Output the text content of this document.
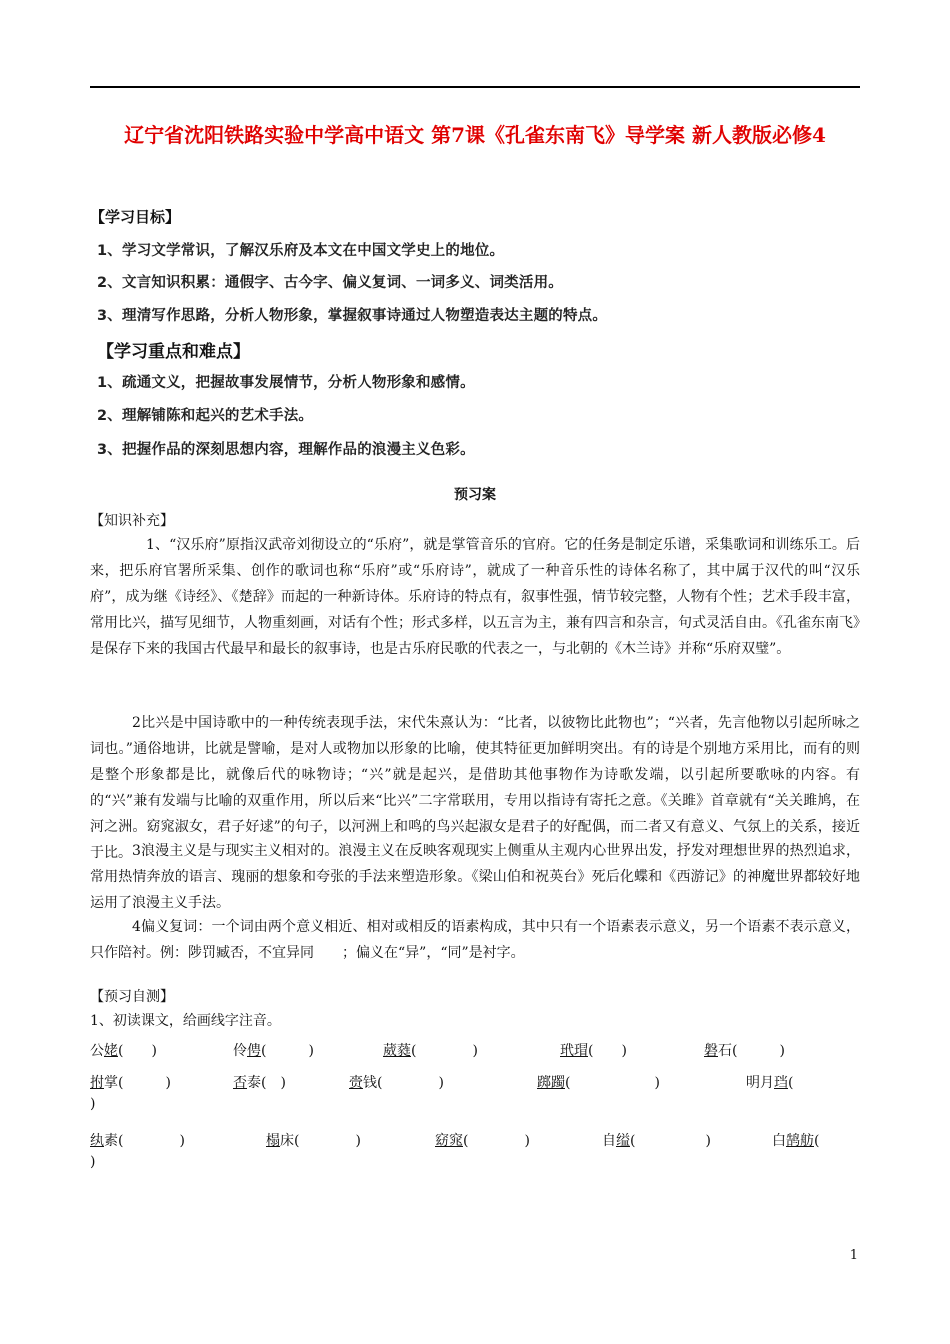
辽宁省沈阳铁路实验中学高中语文 第7课《孔雀东南飞》导学案 新人教版必修4
【学习目标】
1、学习文学常识，了解汉乐府及本文在中国文学史上的地位。
2、文言知识积累：通假字、古今字、偏义复词、一词多义、词类活用。
3、理清写作思路，分析人物形象，掌握叙事诗通过人物塑造表达主题的特点。
【学习重点和难点】
1、疏通文义，把握故事发展情节，分析人物形象和感情。
2、理解铺陈和起兴的艺术手法。
3、把握作品的深刻思想内容，理解作品的浪漫主义色彩。
预习案
【知识补充】
1、“汉乐府”原指汉武帝刘彻设立的“乐府”，就是掌管音乐的官府。它的任务是制定乐谱，采集歌词和训练乐工。后来，把乐府官署所采集、创作的歌词也称“乐府”或“乐府诗”，就成了一种音乐性的诗体名称了，其中属于汉代的叫“汉乐府”，成为继《诗经》、《楚辞》而起的一种新诗体。乐府诗的特点有，叙事性强，情节较完整，人物有个性；艺术手段丰富，常用比兴，描写见细节，人物重刻画，对话有个性；形式多样，以五言为主，兼有四言和杂言，句式灵活自由。《孔雀东南飞》是保存下来的我国古代最早和最长的叙事诗，也是古乐府民歌的代表之一，与北朝的《木兰诗》并称“乐府双璧”。
2比兴是中国诗歌中的一种传统表现手法，宋代朱熹认为：“比者，以彼物比此物也”；“兴者，先言他物以引起所咏之词也。”通俗地讲，比就是譬喻，是对人或物加以形象的比喻，使其特征更加鲜明突出。有的诗是个别地方采用比，而有的则是整个形象都是比，就像后代的咏物诗；“兴”就是起兴，是借助其他事物作为诗歌发端，以引起所要歌咏的内容。有的“兴”兼有发端与比喻的双重作用，所以后来“比兴”二字常联用，专用以指诗有寄托之意。《关雎》首章就有“关关雎鸠，在河之洲。窈窕淑女，君子好逑”的句子，以河洲上和鸣的鸟兴起淑女是君子的好配偶，而二者又有意义、气氛上的关系，接近于比。 3浪漫主义是与现实主义相对的。浪漫主义在反映客观现实上侧重从主观内心世界出发，抒发对理想世界的热烈追求，常用热情奔放的语言、瑰丽的想象和夸张的手法来塑造形象。《梁山伯和祝英台》死后化蝶和《西游记》的神魔世界都较好地运用了浪漫主义手法。
4偏义复词：一个词由两个意义相近、相对或相反的语素构成，其中只有一个语素表示意义，另一个语素不表示意义，只作陪衬。例：陟罚臧否，不宜异同　　；偏义在“异”，“同”是衬字。
【预习自测】
1、初读课文，给画线字注音。
公姥(　　)	伶俜(　　　)	葳蕤(　　　　)	玳瑁(　　)	磐石(　　　)
拊掌(　　　)	否泰(　)	赍钱(　　　　)	踯躅(　　　　　　)	明月珰(
)
纨素(　　　　)	榻床(　　　　)	窈窕(　　　　)	自缢(　　　　　)	白鹄舫(
)
1
